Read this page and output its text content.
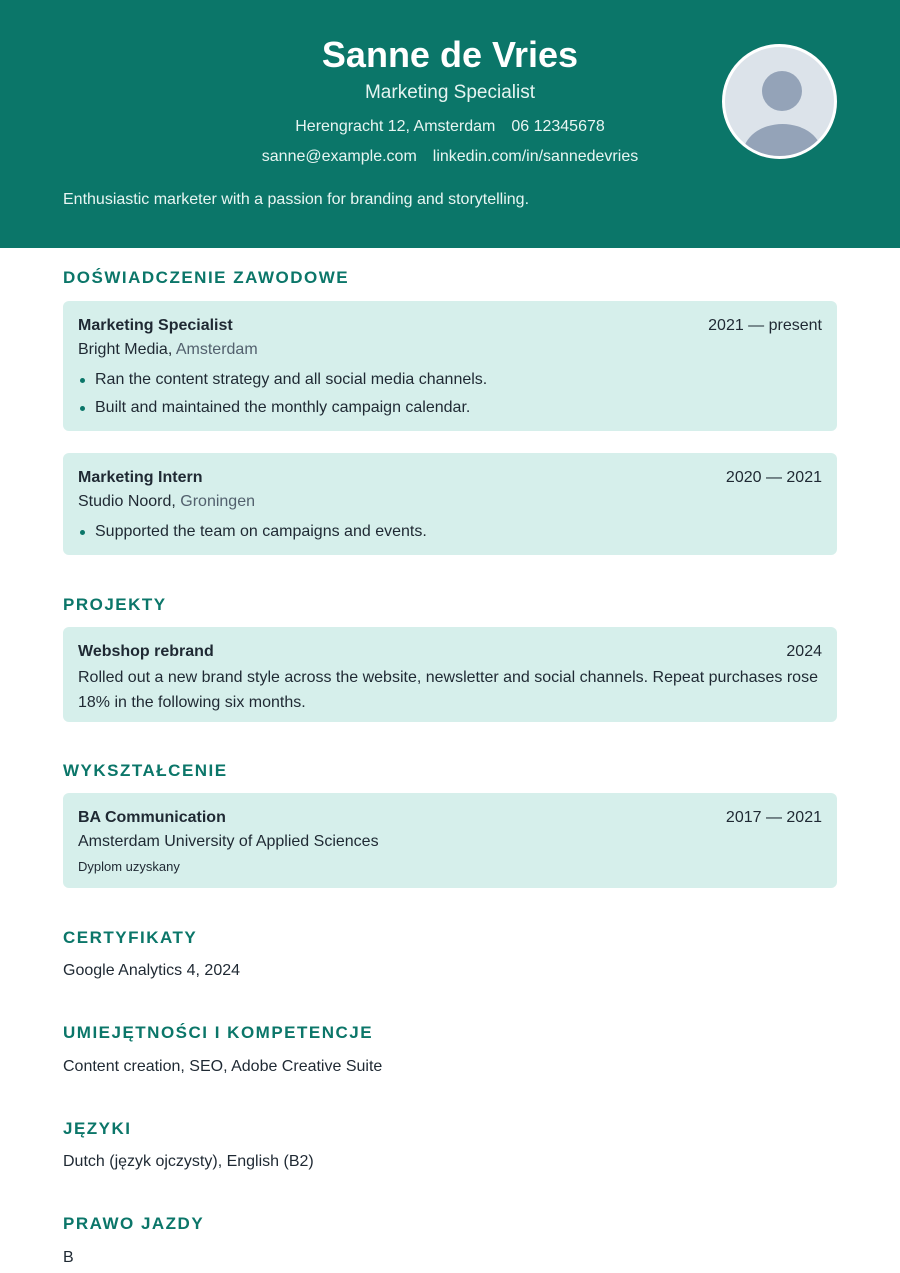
Sanne de Vries
Marketing Specialist
Herengracht 12, Amsterdam 06 12345678
sanne@example.com linkedin.com/in/sannedevries
Enthusiastic marketer with a passion for branding and storytelling.
DOŚWIADCZENIE ZAWODOWE
Marketing Specialist	2021 — present
Bright Media, Amsterdam
Ran the content strategy and all social media channels.
Built and maintained the monthly campaign calendar.
Marketing Intern	2020 — 2021
Studio Noord, Groningen
Supported the team on campaigns and events.
PROJEKTY
Webshop rebrand	2024
Rolled out a new brand style across the website, newsletter and social channels. Repeat purchases rose 18% in the following six months.
WYKSZTAŁCENIE
BA Communication	2017 — 2021
Amsterdam University of Applied Sciences
Dyplom uzyskany
CERTYFIKATY
Google Analytics 4, 2024
UMIEJĘTNOŚCI I KOMPETENCJE
Content creation, SEO, Adobe Creative Suite
JĘZYKI
Dutch (język ojczysty), English (B2)
PRAWO JAZDY
B
